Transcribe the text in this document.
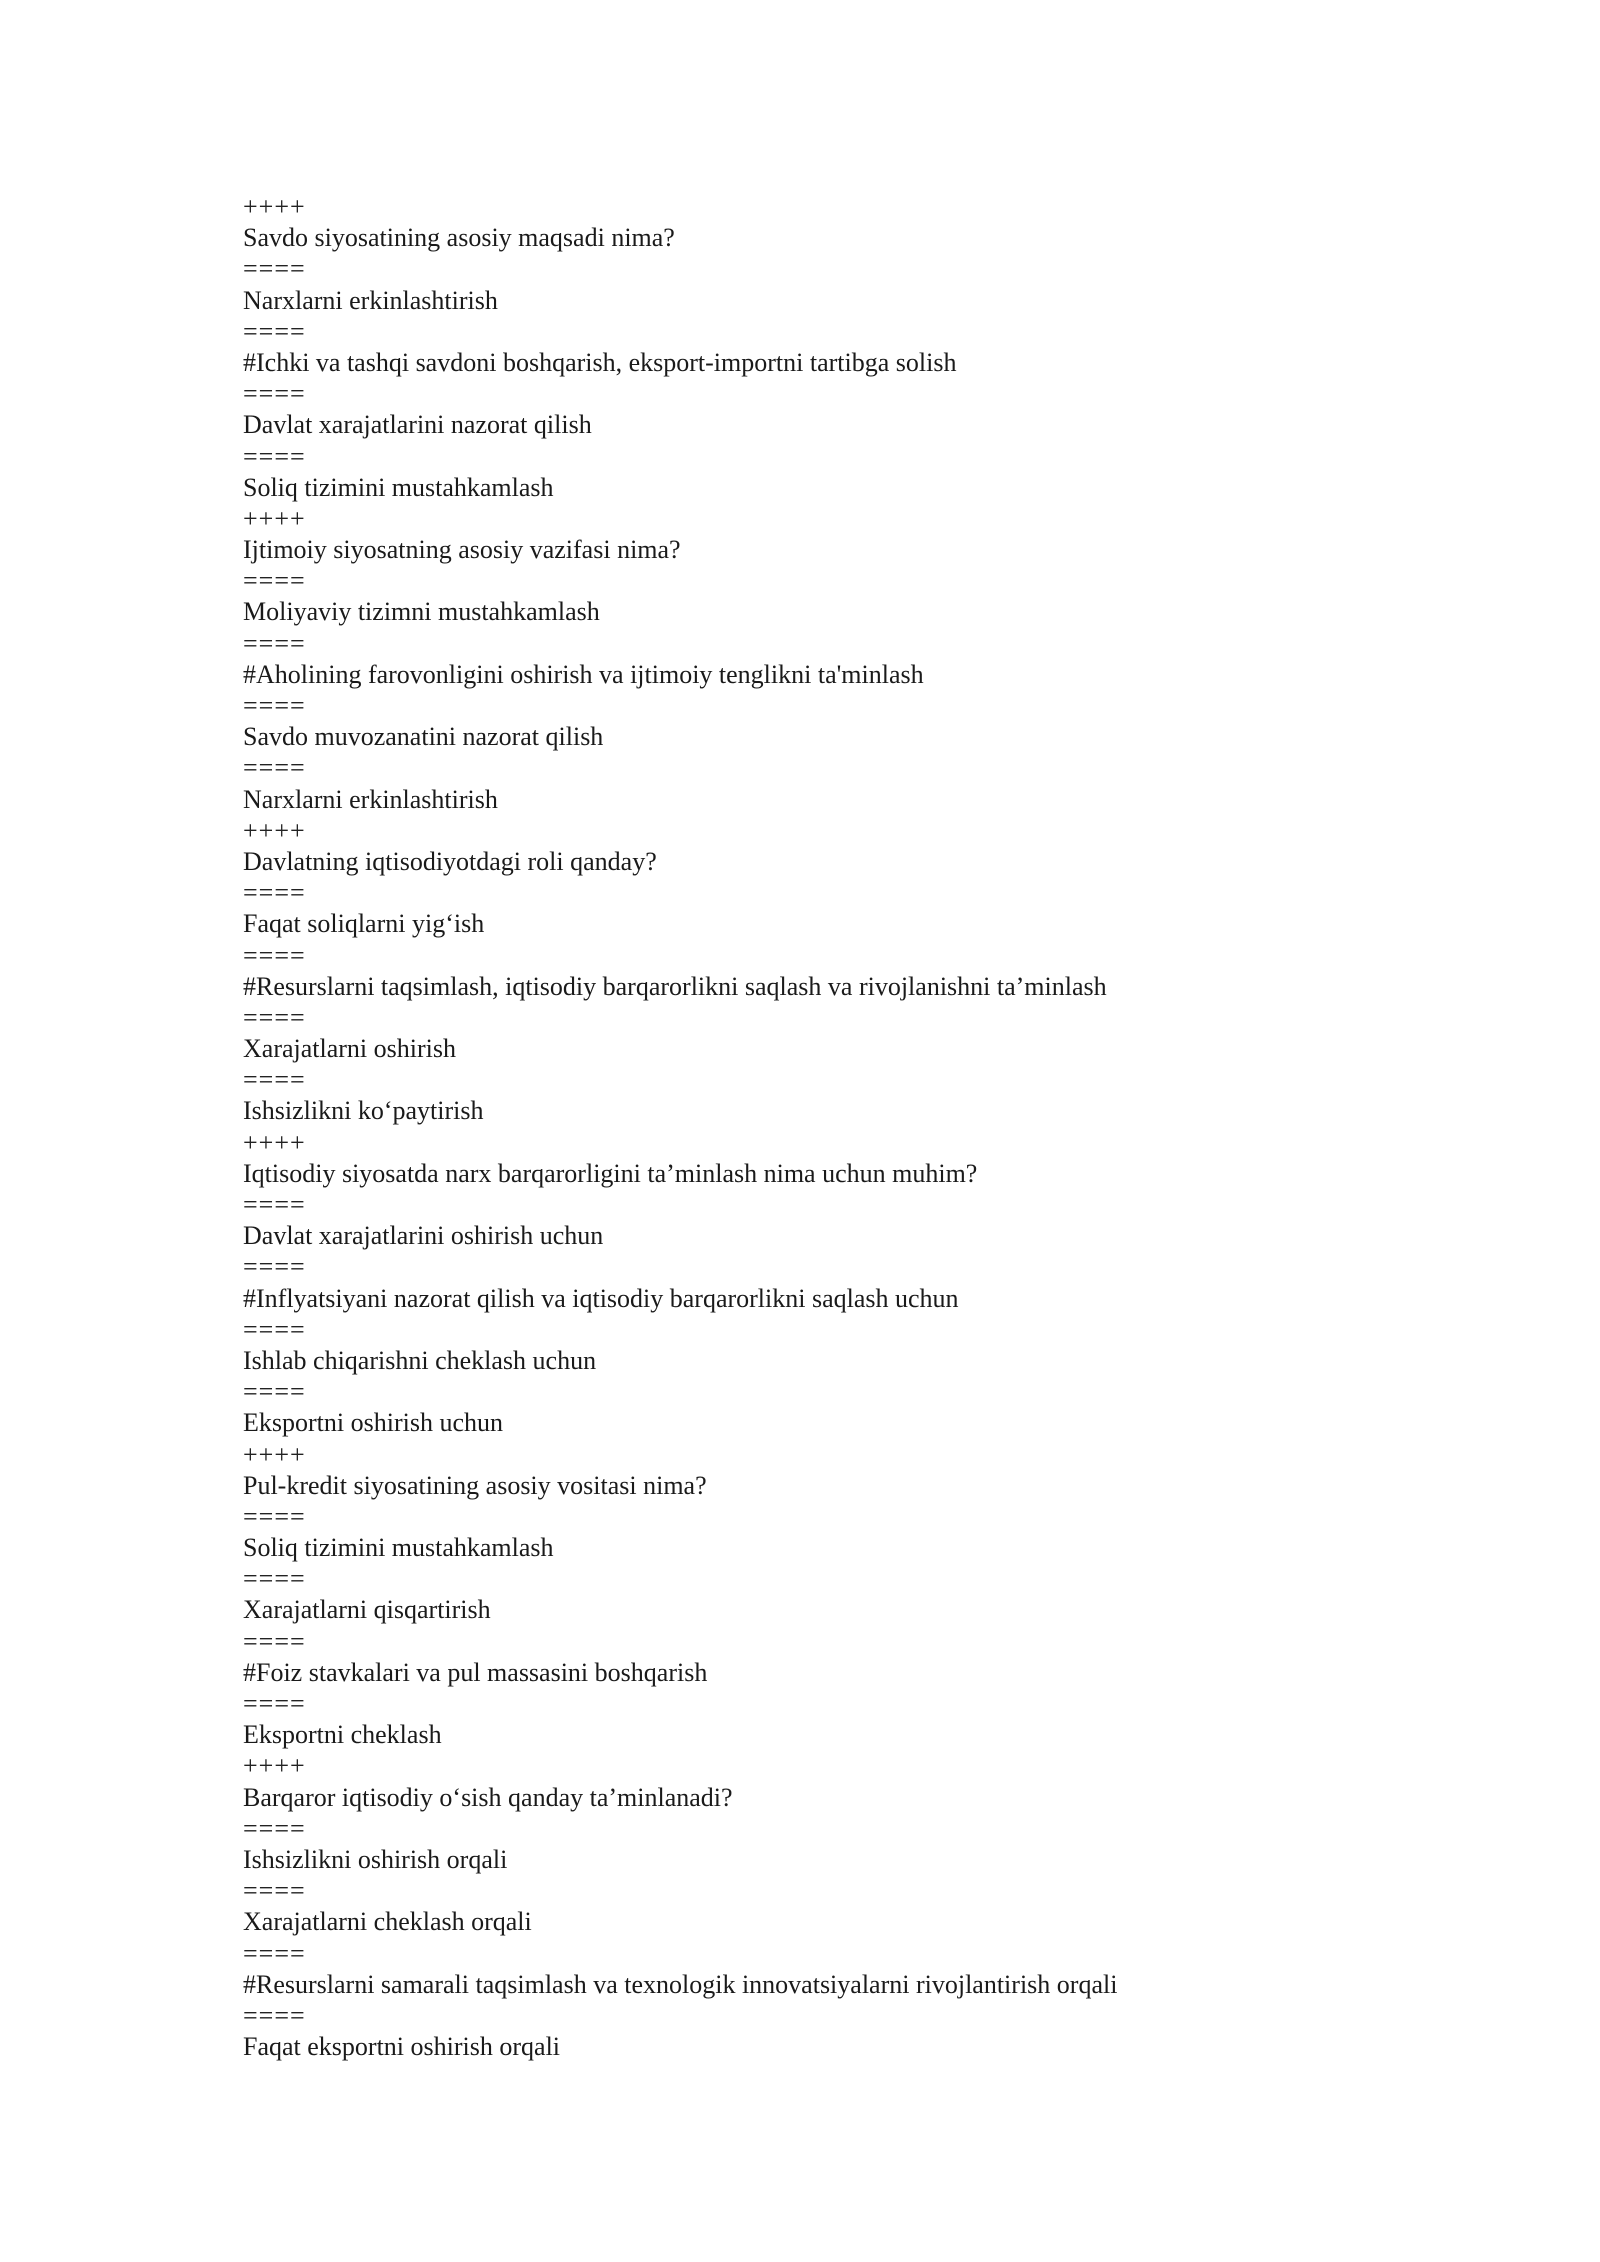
++++
Savdo siyosatining asosiy maqsadi nima?
====
Narxlarni erkinlashtirish
====
#Ichki va tashqi savdoni boshqarish, eksport-importni tartibga solish
====
Davlat xarajatlarini nazorat qilish
====
Soliq tizimini mustahkamlash
++++
Ijtimoiy siyosatning asosiy vazifasi nima?
====
Moliyaviy tizimni mustahkamlash
====
#Aholining farovonligini oshirish va ijtimoiy tenglikni ta'minlash
====
Savdo muvozanatini nazorat qilish
====
Narxlarni erkinlashtirish
++++
Davlatning iqtisodiyotdagi roli qanday?
====
Faqat soliqlarni yig‘ish
====
#Resurslarni taqsimlash, iqtisodiy barqarorlikni saqlash va rivojlanishni ta’minlash
====
Xarajatlarni oshirish
====
Ishsizlikni ko‘paytirish
++++
Iqtisodiy siyosatda narx barqarorligini ta’minlash nima uchun muhim?
====
Davlat xarajatlarini oshirish uchun
====
#Inflyatsiyani nazorat qilish va iqtisodiy barqarorlikni saqlash uchun
====
Ishlab chiqarishni cheklash uchun
====
Eksportni oshirish uchun
++++
Pul-kredit siyosatining asosiy vositasi nima?
====
Soliq tizimini mustahkamlash
====
Xarajatlarni qisqartirish
====
#Foiz stavkalari va pul massasini boshqarish
====
Eksportni cheklash
++++
Barqaror iqtisodiy o‘sish qanday ta’minlanadi?
====
Ishsizlikni oshirish orqali
====
Xarajatlarni cheklash orqali
====
#Resurslarni samarali taqsimlash va texnologik innovatsiyalarni rivojlantirish orqali
====
Faqat eksportni oshirish orqali
